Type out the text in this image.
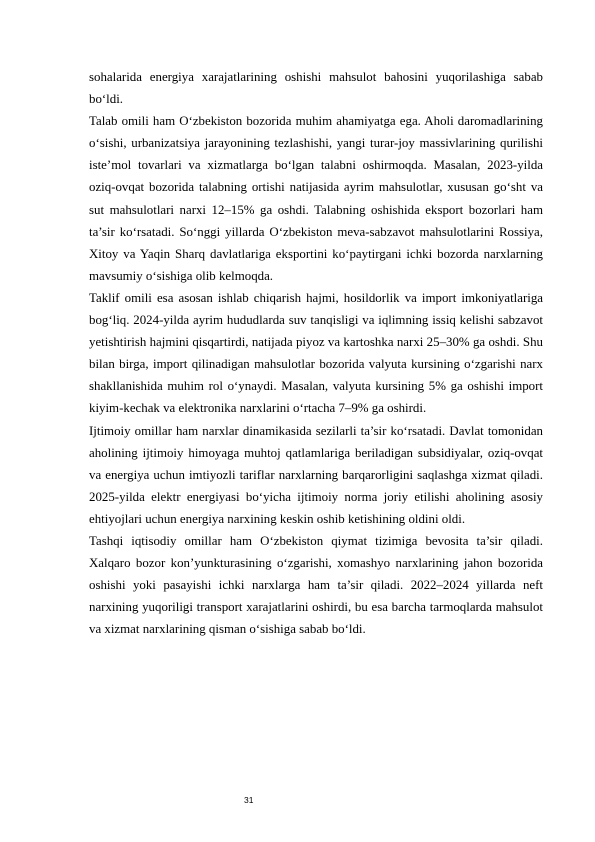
sohalarida energiya xarajatlarining oshishi mahsulot bahosini yuqorilashiga sabab bo‘ldi.

Talab omili ham O‘zbekiston bozorida muhim ahamiyatga ega. Aholi daromadlarining o‘sishi, urbanizatsiya jarayonining tezlashishi, yangi turar-joy massivlarining qurilishi iste’mol tovarlari va xizmatlarga bo‘lgan talabni oshirmoqda. Masalan, 2023-yilda oziq-ovqat bozorida talabning ortishi natijasida ayrim mahsulotlar, xususan go‘sht va sut mahsulotlari narxi 12–15% ga oshdi. Talabning oshishida eksport bozorlari ham ta’sir ko‘rsatadi. So‘nggi yillarda O‘zbekiston meva-sabzavot mahsulotlarini Rossiya, Xitoy va Yaqin Sharq davlatlariga eksportini ko‘paytirgani ichki bozorda narxlarning mavsumiy o‘sishiga olib kelmoqda.

Taklif omili esa asosan ishlab chiqarish hajmi, hosildorlik va import imkoniyatlariga bog‘liq. 2024-yilda ayrim hududlarda suv tanqisligi va iqlimning issiq kelishi sabzavot yetishtirish hajmini qisqartirdi, natijada piyoz va kartoshka narxi 25–30% ga oshdi. Shu bilan birga, import qilinadigan mahsulotlar bozorida valyuta kursining o‘zgarishi narx shakllanishida muhim rol o‘ynaydi. Masalan, valyuta kursining 5% ga oshishi import kiyim-kechak va elektronika narxlarini o‘rtacha 7–9% ga oshirdi.

Ijtimoiy omillar ham narxlar dinamikasida sezilarli ta’sir ko‘rsatadi. Davlat tomonidan aholining ijtimoiy himoyaga muhtoj qatlamlariga beriladigan subsidiyalar, oziq-ovqat va energiya uchun imtiyozli tariflar narxlarning barqarorligini saqlashga xizmat qiladi. 2025-yilda elektr energiyasi bo‘yicha ijtimoiy norma joriy etilishi aholining asosiy ehtiyojlari uchun energiya narxining keskin oshib ketishining oldini oldi.

Tashqi iqtisodiy omillar ham O‘zbekiston qiymat tizimiga bevosita ta’sir qiladi. Xalqaro bozor kon’yunkturasining o‘zgarishi, xomashyo narxlarining jahon bozorida oshishi yoki pasayishi ichki narxlarga ham ta’sir qiladi. 2022–2024 yillarda neft narxining yuqoriligi transport xarajatlarini oshirdi, bu esa barcha tarmoqlarda mahsulot va xizmat narxlarining qisman o‘sishiga sabab bo‘ldi.

31
